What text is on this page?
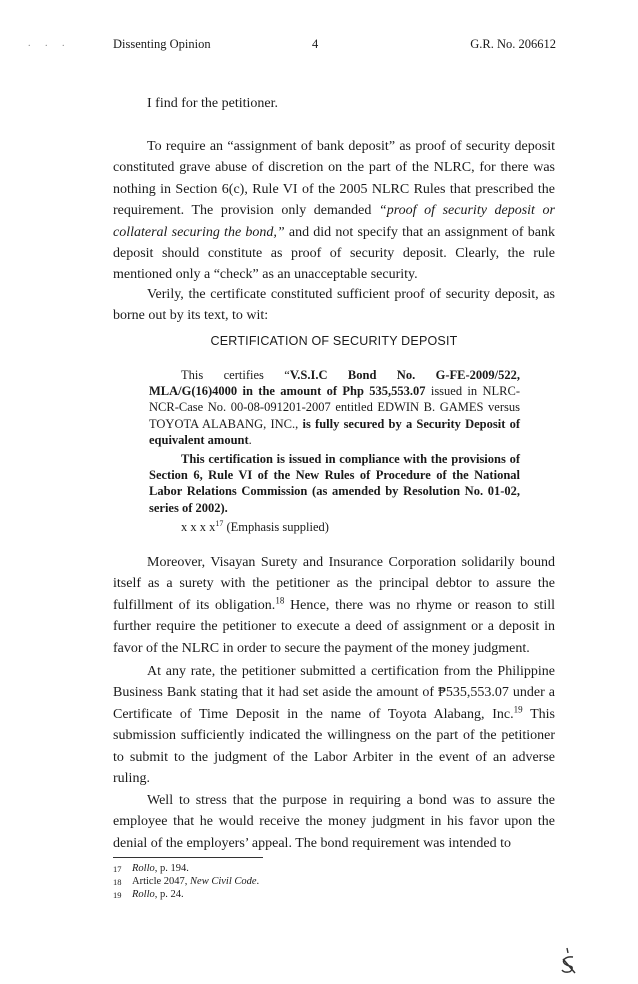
. . .	Dissenting Opinion	4	G.R. No. 206612

I find for the petitioner.

To require an “assignment of bank deposit” as proof of security deposit constituted grave abuse of discretion on the part of the NLRC, for there was nothing in Section 6(c), Rule VI of the 2005 NLRC Rules that prescribed the requirement. The provision only demanded “proof of security deposit or collateral securing the bond,” and did not specify that an assignment of bank deposit should constitute as proof of security deposit. Clearly, the rule mentioned only a “check” as an unacceptable security.

Verily, the certificate constituted sufficient proof of security deposit, as borne out by its text, to wit:

CERTIFICATION OF SECURITY DEPOSIT

This certifies “V.S.I.C Bond No. G-FE-2009/522, MLA/G(16)4000 in the amount of Php 535,553.07 issued in NLRC-NCR-Case No. 00-08-091201-2007 entitled EDWIN B. GAMES versus TOYOTA ALABANG, INC., is fully secured by a Security Deposit of equivalent amount.

This certification is issued in compliance with the provisions of Section 6, Rule VI of the New Rules of Procedure of the National Labor Relations Commission (as amended by Resolution No. 01-02, series of 2002).

x x x $x^{17}$ (Emphasis supplied)

Moreover, Visayan Surety and Insurance Corporation solidarily bound itself as a surety with the petitioner as the principal debtor to assure the fulfillment of its obligation.$^{18}$ Hence, there was no rhyme or reason to still further require the petitioner to execute a deed of assignment or a deposit in favor of the NLRC in order to secure the payment of the money judgment.

At any rate, the petitioner submitted a certification from the Philippine Business Bank stating that it had set aside the amount of ₱535,553.07 under a Certificate of Time Deposit in the name of Toyota Alabang, Inc.$^{19}$ This submission sufficiently indicated the willingness on the part of the petitioner to submit to the judgment of the Labor Arbiter in the event of an adverse ruling.

Well to stress that the purpose in requiring a bond was to assure the employee that he would receive the money judgment in his favor upon the denial of the employers’ appeal. The bond requirement was intended to

17 Rollo, p. 194.
18 Article 2047, New Civil Code.
19 Rollo, p. 24.
